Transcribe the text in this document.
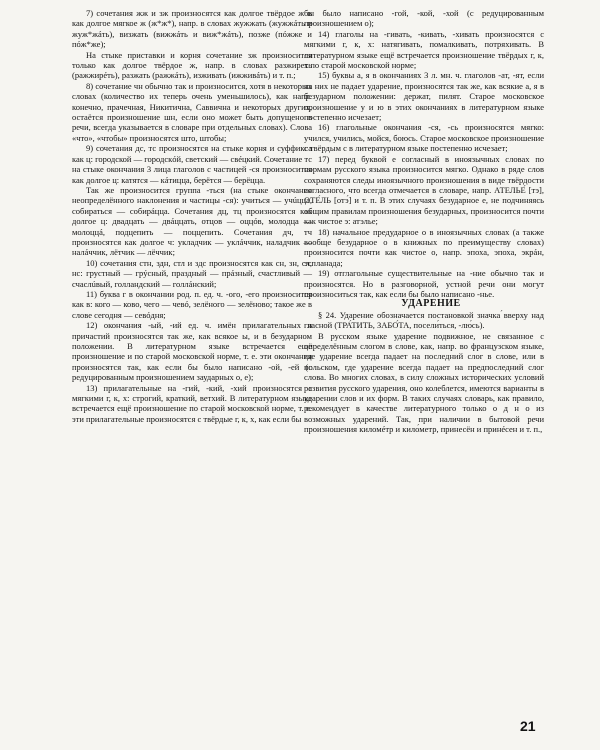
7) сочетания жж и зж произносятся как долгое твёрдое ж и как долгое мягкое ж (ж*ж*), напр. в словах жужжать (жужжáть и жуж*жáть), визжать (вижжáть и виж*жáть), позже (пóжже и пóж*же);

На стыке приставки и корня сочетание зж произносится только как долгое твёрдое ж, напр. в словах разжиреть (ражжирéть), разжать (ражжáть), изживать (ижживáть) и т. п.;

8) сочетание чн обычно так и произносится, хотя в некоторых словах (количество их теперь очень уменьшилось), как напр. конечно, прачечная, Никитична, Саввична и некоторых других, остаётся произношение шн, если оно может быть допущено в речи, всегда указывается в словаре при отдельных словах). Слова «что», «чтобы» произносятся што, штобы;

9) сочетания дс, тс произносятся на стыке корня и суффикса как ц: городской — городскóй, светский — свéцкий. Сочетание тс на стыке окончания 3 лица глаголов с частицей -ся произносится как долгое ц: катятся — кáтицца, берётся — берёцца.

Так же произносится группа -ться (на стыке окончания неопределённого наклонения и частицы -ся): учиться — учúцца, собираться — собирáцца. Сочетания дц, тц произносятся как долгое ц: двадцать — двáццать, отцов — оццóв, молодца — молоццá, подцепить — поццепить. Сочетания дч, тч произносятся как долгое ч: укладчик — уклáччик, наладчик — налáччик, лётчик — лёччик;

10) сочетания стн, здн, стл и здс произносятся как сн, зн, сл, нс: грустный — грýсный, праздный — прáзный, счастливый — счаслúвый, голландский — голлáнский;

11) буква г в окончании род. п. ед. ч. -ого, -его произносится как в: кого — ково, чего — чевó, зелёного — зелёново; такое же в слове сегодня — севóдня;

12) окончания -ый, -ий ед. ч. имён прилагательных и причастий произносятся так же, как всякое ы, и в безударном положении. В литературном языке встречается ещё произношение и по старой московской норме, т. е. эти окончания произносятся так, как если бы было написано -ой, -ей (с редуцированным произношением заударных о, е);

13) прилагательные на -гий, -кий, -хий произносятся с мягкими г, к, х: строгий, краткий, ветхий. В литературном языке встречается ещё произношение по старой московской норме, т. е. эти прилагательные произносятся с твёрдые г, к, х, как если бы

бы было написано -гой, -кой, -хой (с редуцированным произношением о);

14) глаголы на -гивать, -кивать, -хивать произносятся с мягкими г, к, х: натягивать, помалкивать, потряхивать. В литературном языке ещё встречается произношение твёрдых г, к, х по старой московской норме;

15) буквы а, я в окончаниях 3 л. мн. ч. глаголов -ат, -ят, если на них не падает ударение, произносятся так же, как всякие а, я в безударном положении: держат, пилят. Старое московское произношение у и ю в этих окончаниях в литературном языке постепенно исчезает;

16) глагольные окончания -ся, -сь произносятся мягко: учился, учились, мойся, боюсь. Старое московское произношение с твёрдым с в литературном языке постепенно исчезает;

17) перед буквой е согласный в иноязычных словах по нормам русского языка произносится мягко. Однако в ряде слов сохраняются следы иноязычного произношения в виде твёрдости согласного, что всегда отмечается в словаре, напр. АТЕЛЬЕ́ [тэ], ОТЕ́ЛЬ [отэ́] и т. п. В этих случаях безударное е, не подчиняясь общим правилам произношения безударных, произносится почти как чистое э: атэлье;

18) начальное предударное о в иноязычных словах (а также вообще безударное о в книжных по преимуществу словах) произносится почти как чистое о, напр. эпоха, эпоха, экрáн, эспланада;

19) отглагольные существительные на -ние обычно так и произносятся. Но в разговорной, устной речи они могут произноситься так, как если бы было написано -нье.

УДАРЕНИЕ

§ 24. Ударение обозначается постановкой значка ́вверху над гласной (ТРА́ТИТЬ, ЗАБО́ТА, посели́ться, -лю́сь).

В русском языке ударение подвижное, не связанное с определённым слогом в слове, как, напр. во французском языке, где ударение всегда падает на последний слог в слове, или в польском, где ударение всегда падает на предпоследний слог слова. Во многих словах, в силу сложных исторических условий развития русского ударения, оно колеблется, имеются варианты в ударении слов и их форм. В таких случаях словарь, как правило, рекомендует в качестве литературного только о д н о из возможных ударений. Так, при наличии в бытовой речи произношения киломéтр и кило́метр, принесён и принéсен и т. п.,

21
